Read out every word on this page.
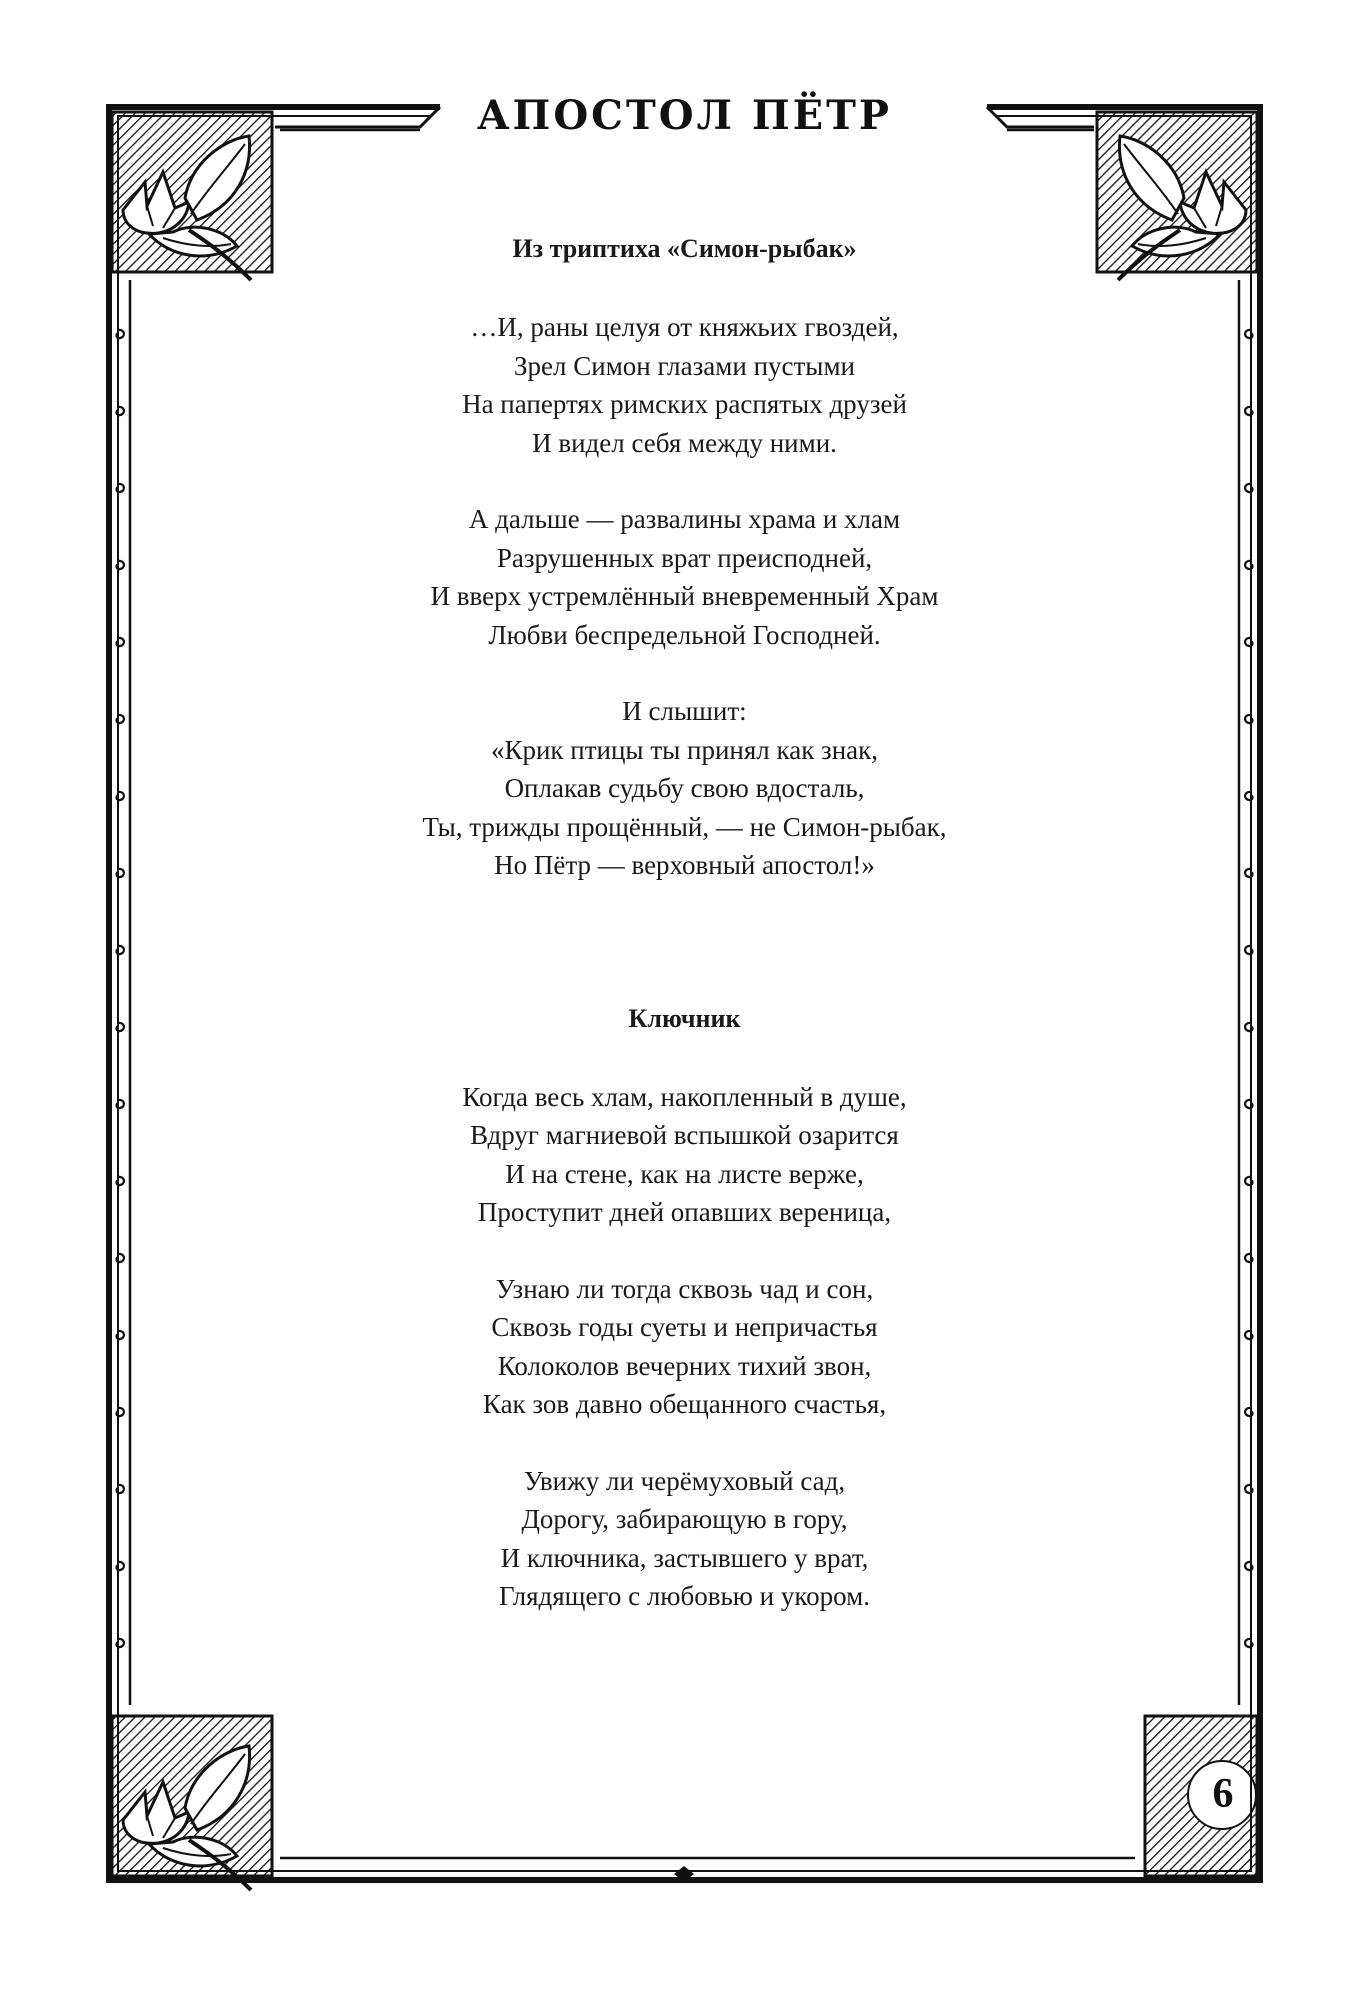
АПОСТОЛ ПЁТР
Из триптиха «Симон-рыбак»
…И, раны целуя от княжьих гвоздей,
Зрел Симон глазами пустыми
На папертях римских распятых друзей
И видел себя между ними.
А дальше — развалины храма и хлам
Разрушенных врат преисподней,
И вверх устремлённый вневременный Храм
Любви беспредельной Господней.
И слышит:
«Крик птицы ты принял как знак,
Оплакав судьбу свою вдосталь,
Ты, трижды прощённый, — не Симон-рыбак,
Но Пётр — верховный апостол!»
Ключник
Когда весь хлам, накопленный в душе,
Вдруг магниевой вспышкой озарится
И на стене, как на листе верже,
Проступит дней опавших вереница,
Узнаю ли тогда сквозь чад и сон,
Сквозь годы суеты и непричастья
Колоколов вечерних тихий звон,
Как зов давно обещанного счастья,
Увижу ли черёмуховый сад,
Дорогу, забирающую в гору,
И ключника, застывшего у врат,
Глядящего с любовью и укором.
6
